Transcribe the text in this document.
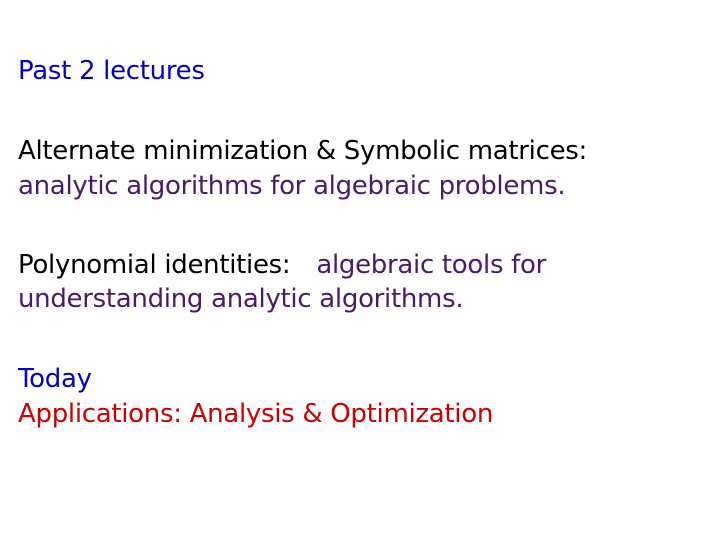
Past 2 lectures
Alternate minimization & Symbolic matrices:
analytic algorithms for algebraic problems.
Polynomial identities: algebraic tools for
understanding analytic algorithms.
Today
Applications: Analysis & Optimization
